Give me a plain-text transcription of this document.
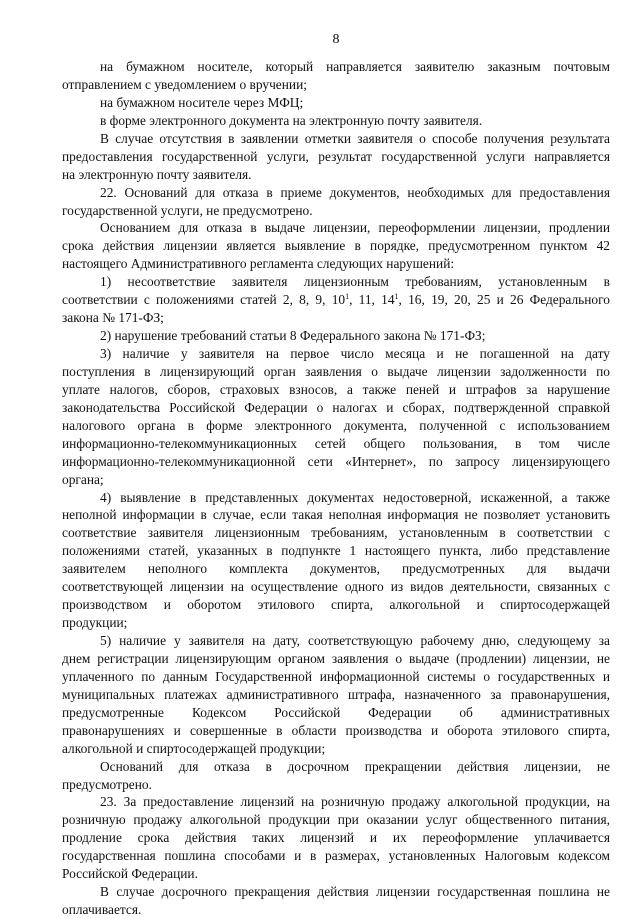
8
на бумажном носителе, который направляется заявителю заказным почтовым
отправлением с уведомлением о вручении;
на бумажном носителе через МФЦ;
в форме электронного документа на электронную почту заявителя.
В случае отсутствия в заявлении отметки заявителя о способе получения результата
предоставления государственной услуги, результат государственной услуги направляется
на электронную почту заявителя.
22. Оснований для отказа в приеме документов, необходимых для предоставления
государственной услуги, не предусмотрено.
Основанием для отказа в выдаче лицензии, переоформлении лицензии, продлении
срока действия лицензии является выявление в порядке, предусмотренном пунктом 42
настоящего Административного регламента следующих нарушений:
1) несоответствие заявителя лицензионным требованиям, установленным в
соответствии с положениями статей 2, 8, 9, $10^1$, 11, $14^1$, 16, 19, 20, 25 и 26 Федерального
закона № 171-ФЗ;
2) нарушение требований статьи 8 Федерального закона № 171-ФЗ;
3) наличие у заявителя на первое число месяца и не погашенной на дату
поступления в лицензирующий орган заявления о выдаче лицензии задолженности по
уплате налогов, сборов, страховых взносов, а также пеней и штрафов за нарушение
законодательства Российской Федерации о налогах и сборах, подтвержденной справкой
налогового органа в форме электронного документа, полученной с использованием
информационно-телекоммуникационных сетей общего пользования, в том числе
информационно-телекоммуникационной сети «Интернет», по запросу лицензирующего
органа;
4) выявление в представленных документах недостоверной, искаженной, а также
неполной информации в случае, если такая неполная информация не позволяет установить
соответствие заявителя лицензионным требованиям, установленным в соответствии с
положениями статей, указанных в подпункте 1 настоящего пункта, либо представление
заявителем неполного комплекта документов, предусмотренных для выдачи
соответствующей лицензии на осуществление одного из видов деятельности, связанных с
производством и оборотом этилового спирта, алкогольной и спиртосодержащей
продукции;
5) наличие у заявителя на дату, соответствующую рабочему дню, следующему за
днем регистрации лицензирующим органом заявления о выдаче (продлении) лицензии, не
уплаченного по данным Государственной информационной системы о государственных и
муниципальных платежах административного штрафа, назначенного за правонарушения,
предусмотренные Кодексом Российской Федерации об административных
правонарушениях и совершенные в области производства и оборота этилового спирта,
алкогольной и спиртосодержащей продукции;
Оснований для отказа в досрочном прекращении действия лицензии, не
предусмотрено.
23. За предоставление лицензий на розничную продажу алкогольной продукции, на
розничную продажу алкогольной продукции при оказании услуг общественного питания,
продление срока действия таких лицензий и их переоформление уплачивается
государственная пошлина способами и в размерах, установленных Налоговым кодексом
Российской Федерации.
В случае досрочного прекращения действия лицензии государственная пошлина не
оплачивается.
